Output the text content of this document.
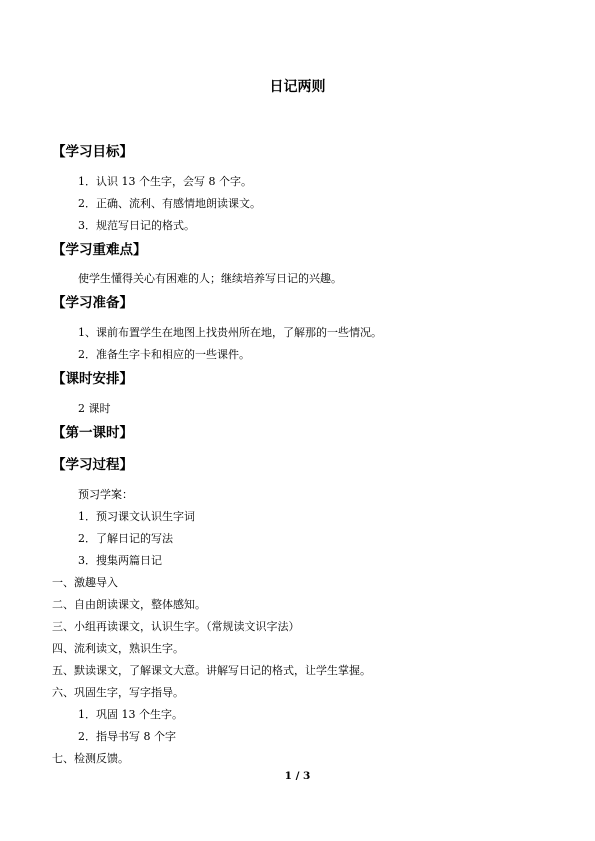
日记两则
【学习目标】
1．认识 13 个生字，会写 8 个字。
2．正确、流利、有感情地朗读课文。
3．规范写日记的格式。
【学习重难点】
使学生懂得关心有困难的人；继续培养写日记的兴趣。
【学习准备】
1、课前布置学生在地图上找贵州所在地，了解那的一些情况。
2．准备生字卡和相应的一些课件。
【课时安排】
2 课时
【第一课时】
【学习过程】
预习学案：
1．预习课文认识生字词
2．了解日记的写法
3．搜集两篇日记
一、激趣导入
二、自由朗读课文，整体感知。
三、小组再读课文，认识生字。（常规读文识字法）
四、流利读文，熟识生字。
五、默读课文，了解课文大意。讲解写日记的格式，让学生掌握。
六、巩固生字，写字指导。
1．巩固 13 个生字。
2．指导书写 8 个字
七、检测反馈。
1 / 3
